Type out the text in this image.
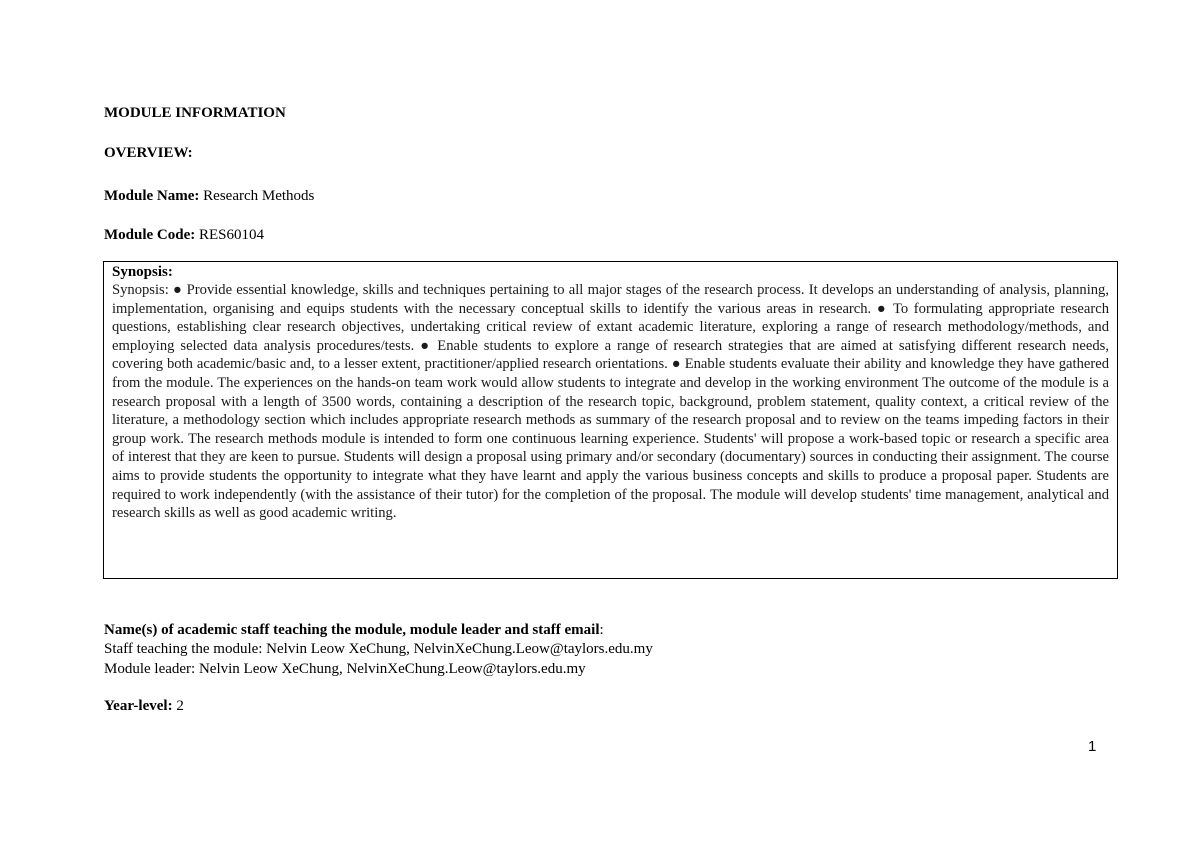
MODULE INFORMATION
OVERVIEW:
Module Name: Research Methods
Module Code: RES60104
Synopsis:
Synopsis: ● Provide essential knowledge, skills and techniques pertaining to all major stages of the research process. It develops an understanding of analysis, planning, implementation, organising and equips students with the necessary conceptual skills to identify the various areas in research. ● To formulating appropriate research questions, establishing clear research objectives, undertaking critical review of extant academic literature, exploring a range of research methodology/methods, and employing selected data analysis procedures/tests. ● Enable students to explore a range of research strategies that are aimed at satisfying different research needs, covering both academic/basic and, to a lesser extent, practitioner/applied research orientations. ● Enable students evaluate their ability and knowledge they have gathered from the module. The experiences on the hands-on team work would allow students to integrate and develop in the working environment The outcome of the module is a research proposal with a length of 3500 words, containing a description of the research topic, background, problem statement, quality context, a critical review of the literature, a methodology section which includes appropriate research methods as summary of the research proposal and to review on the teams impeding factors in their group work. The research methods module is intended to form one continuous learning experience. Students' will propose a work-based topic or research a specific area of interest that they are keen to pursue. Students will design a proposal using primary and/or secondary (documentary) sources in conducting their assignment. The course aims to provide students the opportunity to integrate what they have learnt and apply the various business concepts and skills to produce a proposal paper. Students are required to work independently (with the assistance of their tutor) for the completion of the proposal. The module will develop students' time management, analytical and research skills as well as good academic writing.
Name(s) of academic staff teaching the module, module leader and staff email:
Staff teaching the module: Nelvin Leow XeChung, NelvinXeChung.Leow@taylors.edu.my
Module leader: Nelvin Leow XeChung, NelvinXeChung.Leow@taylors.edu.my
Year-level: 2
1
